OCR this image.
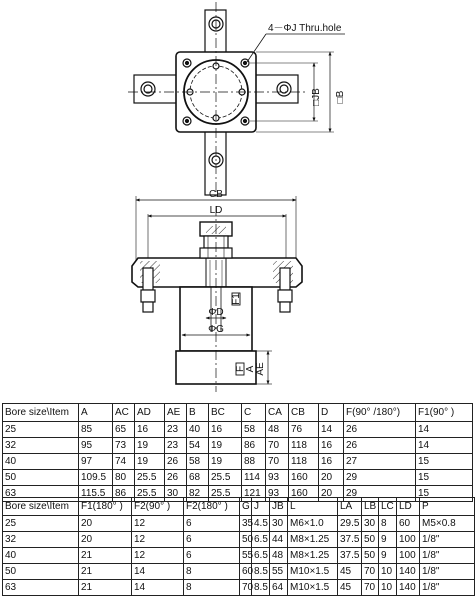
4－ΦJ Thru.hole
□JB □B
CB
LD
ΦD
ΦG
F1
F AE
A
Bore size\Item	A	AC	AD	AE	B	BC	C	CA	CB	D	F(90° /180°)	F1(90° )
25	85	65	16	23	40	16	58	48	76	14	26	14
32	95	73	19	23	54	19	86	70	118	16	26	14
40	97	74	19	26	58	19	88	70	118	16	27	15
50	109.5	80	25.5	26	68	25.5	114	93	160	20	29	15
63	115.5	86	25.5	30	82	25.5	121	93	160	20	29	15
Bore size\Item	F1(180° )	F2(90° )	F2(180° )	G	J	JB	L	LA	LB	LC	LD	P
25	20	12	6	35	4.5	30	M6×1.0	29.5	30	8	60	M5×0.8
32	20	12	6	50	6.5	44	M8×1.25	37.5	50	9	100	1/8"
40	21	12	6	55	6.5	48	M8×1.25	37.5	50	9	100	1/8"
50	21	14	8	60	8.5	55	M10×1.5	45	70	10	140	1/8"
63	21	14	8	70	8.5	64	M10×1.5	45	70	10	140	1/8"
